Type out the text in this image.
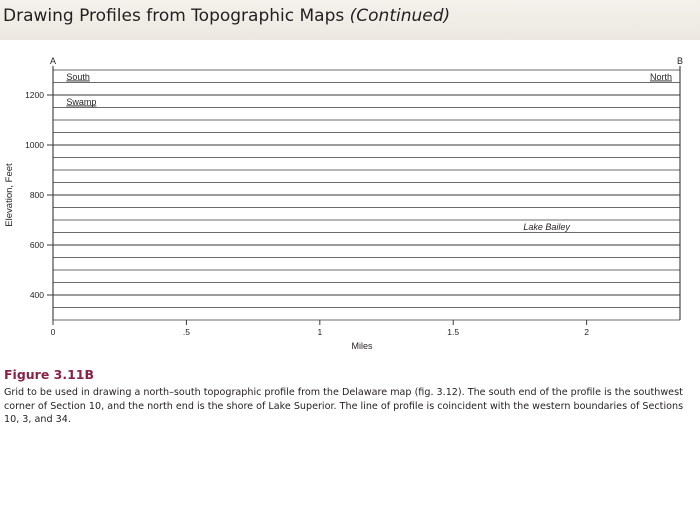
Drawing Profiles from Topographic Maps (Continued)
A	B
1200
1000
800
600
400
0	.5	1	1.5	2
South	North
Swamp
Lake Bailey
Elevation, Feet
Miles

Figure 3.11B

Grid to be used in drawing a north–south topographic profile from the Delaware map (fig. 3.12). The south end of the profile is the southwest corner of Section 10, and the north end is the shore of Lake Superior. The line of profile is coincident with the western boundaries of Sections 10, 3, and 34.
